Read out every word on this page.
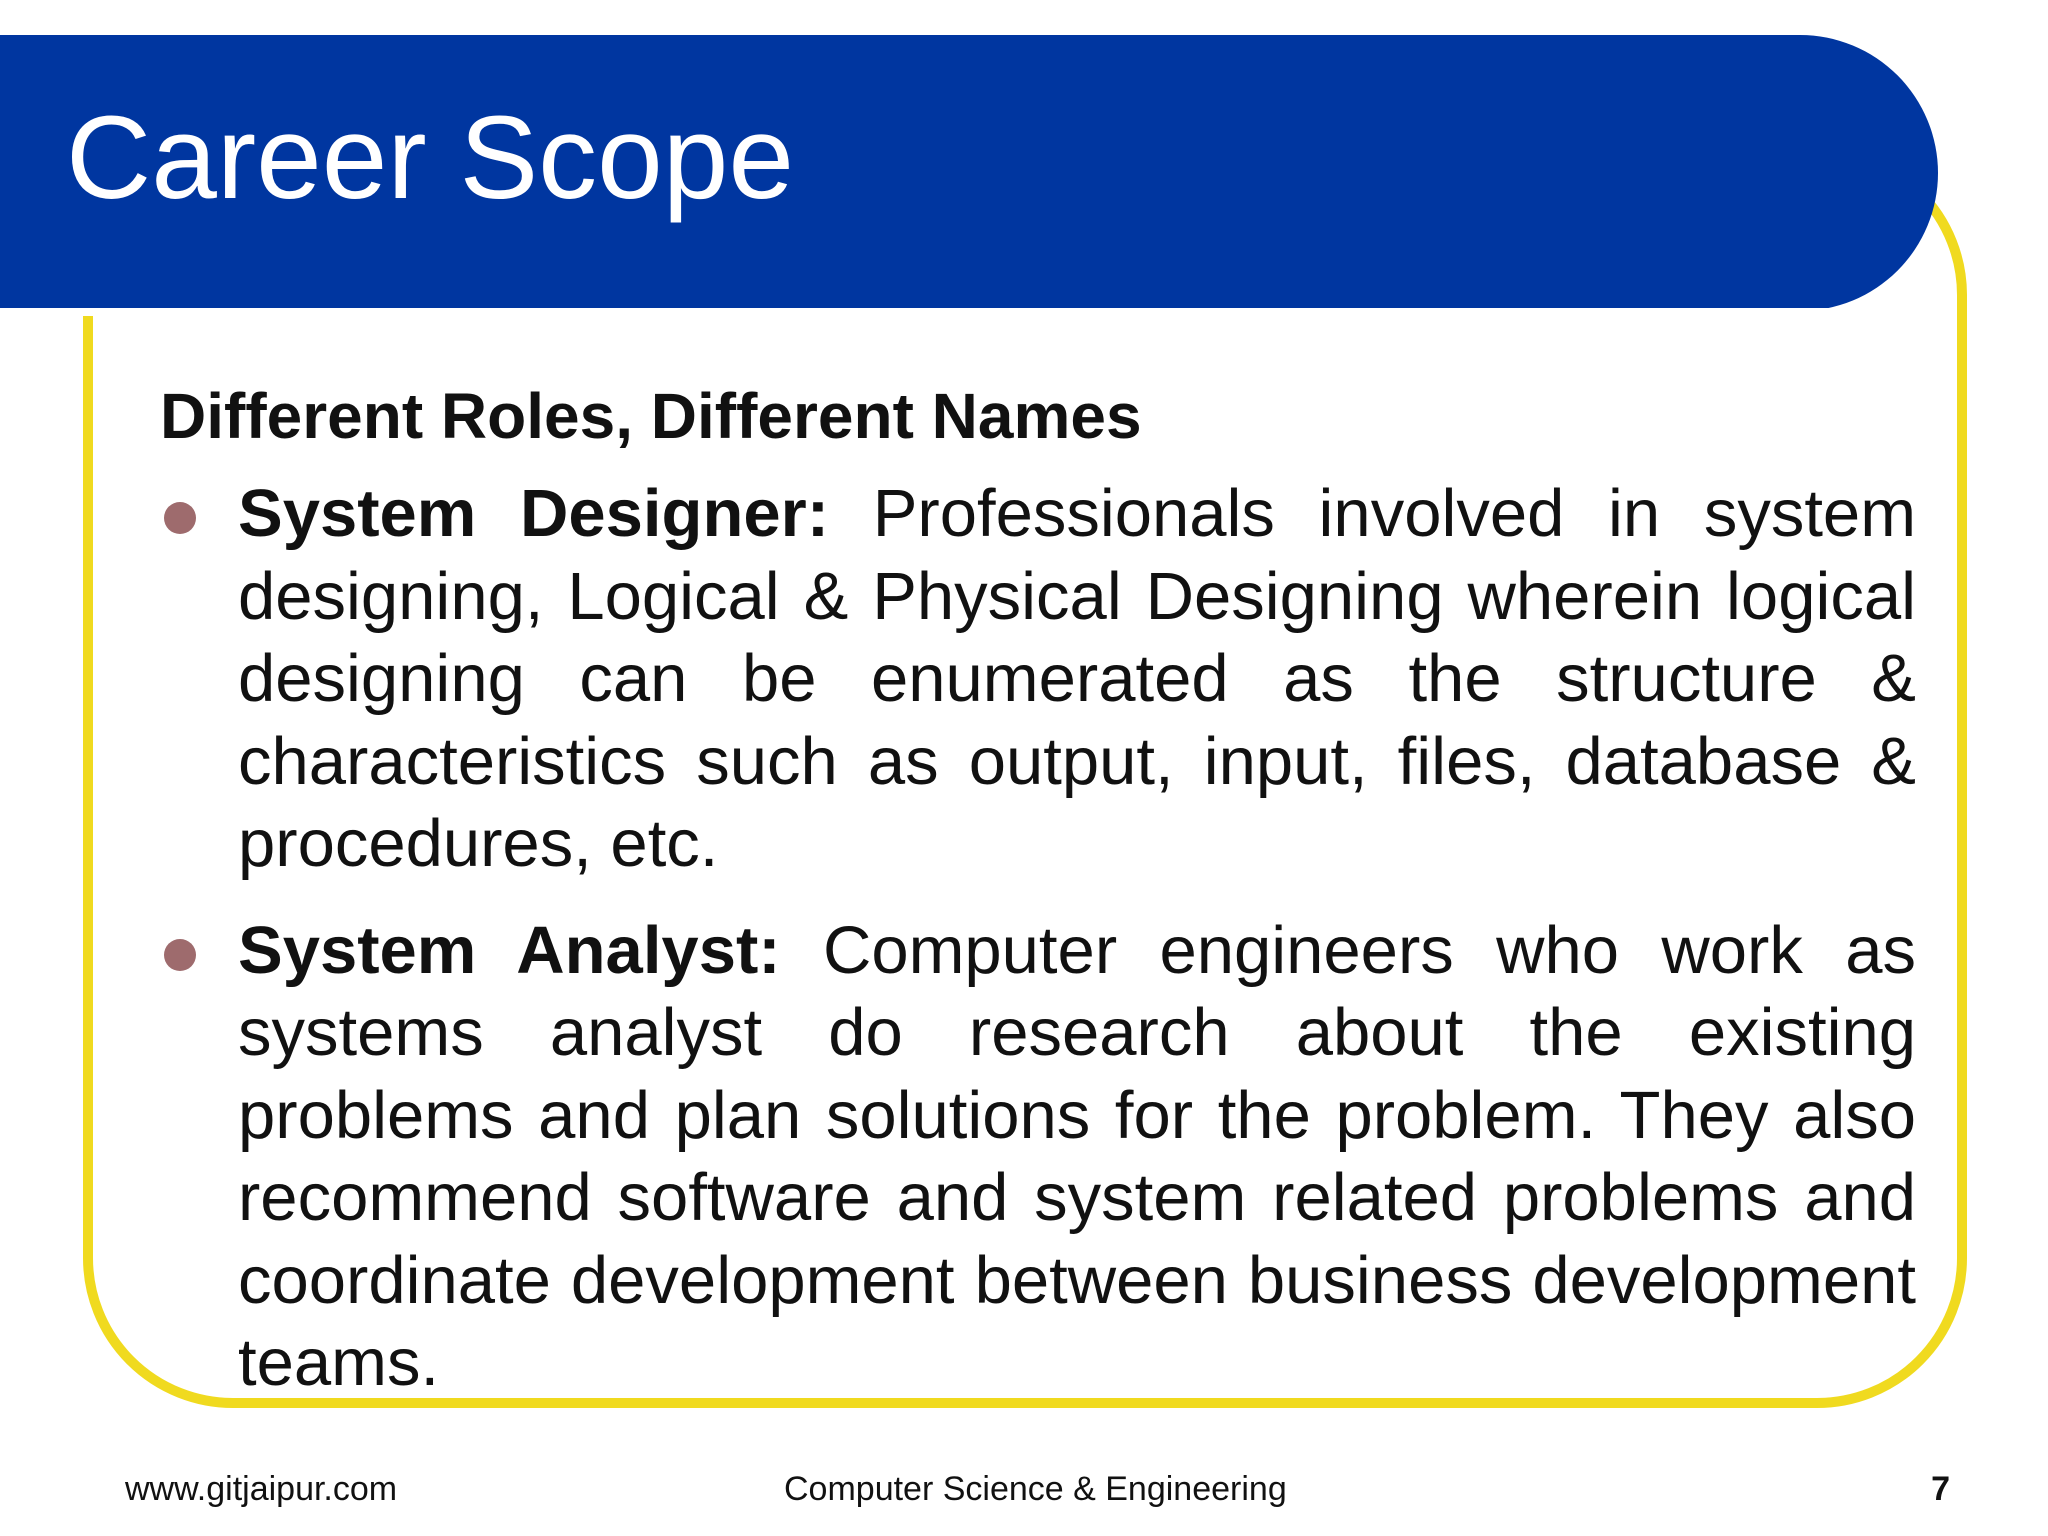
Career Scope
Different Roles, Different Names
System Designer: Professionals involved in system designing, Logical & Physical Designing wherein logical designing can be enumerated as the structure & characteristics such as output, input, files, database & procedures, etc.
System Analyst: Computer engineers who work as systems analyst do research about the existing problems and plan solutions for the problem. They also recommend software and system related problems and coordinate development between business development teams.
www.gitjaipur.com	Computer Science & Engineering	7
